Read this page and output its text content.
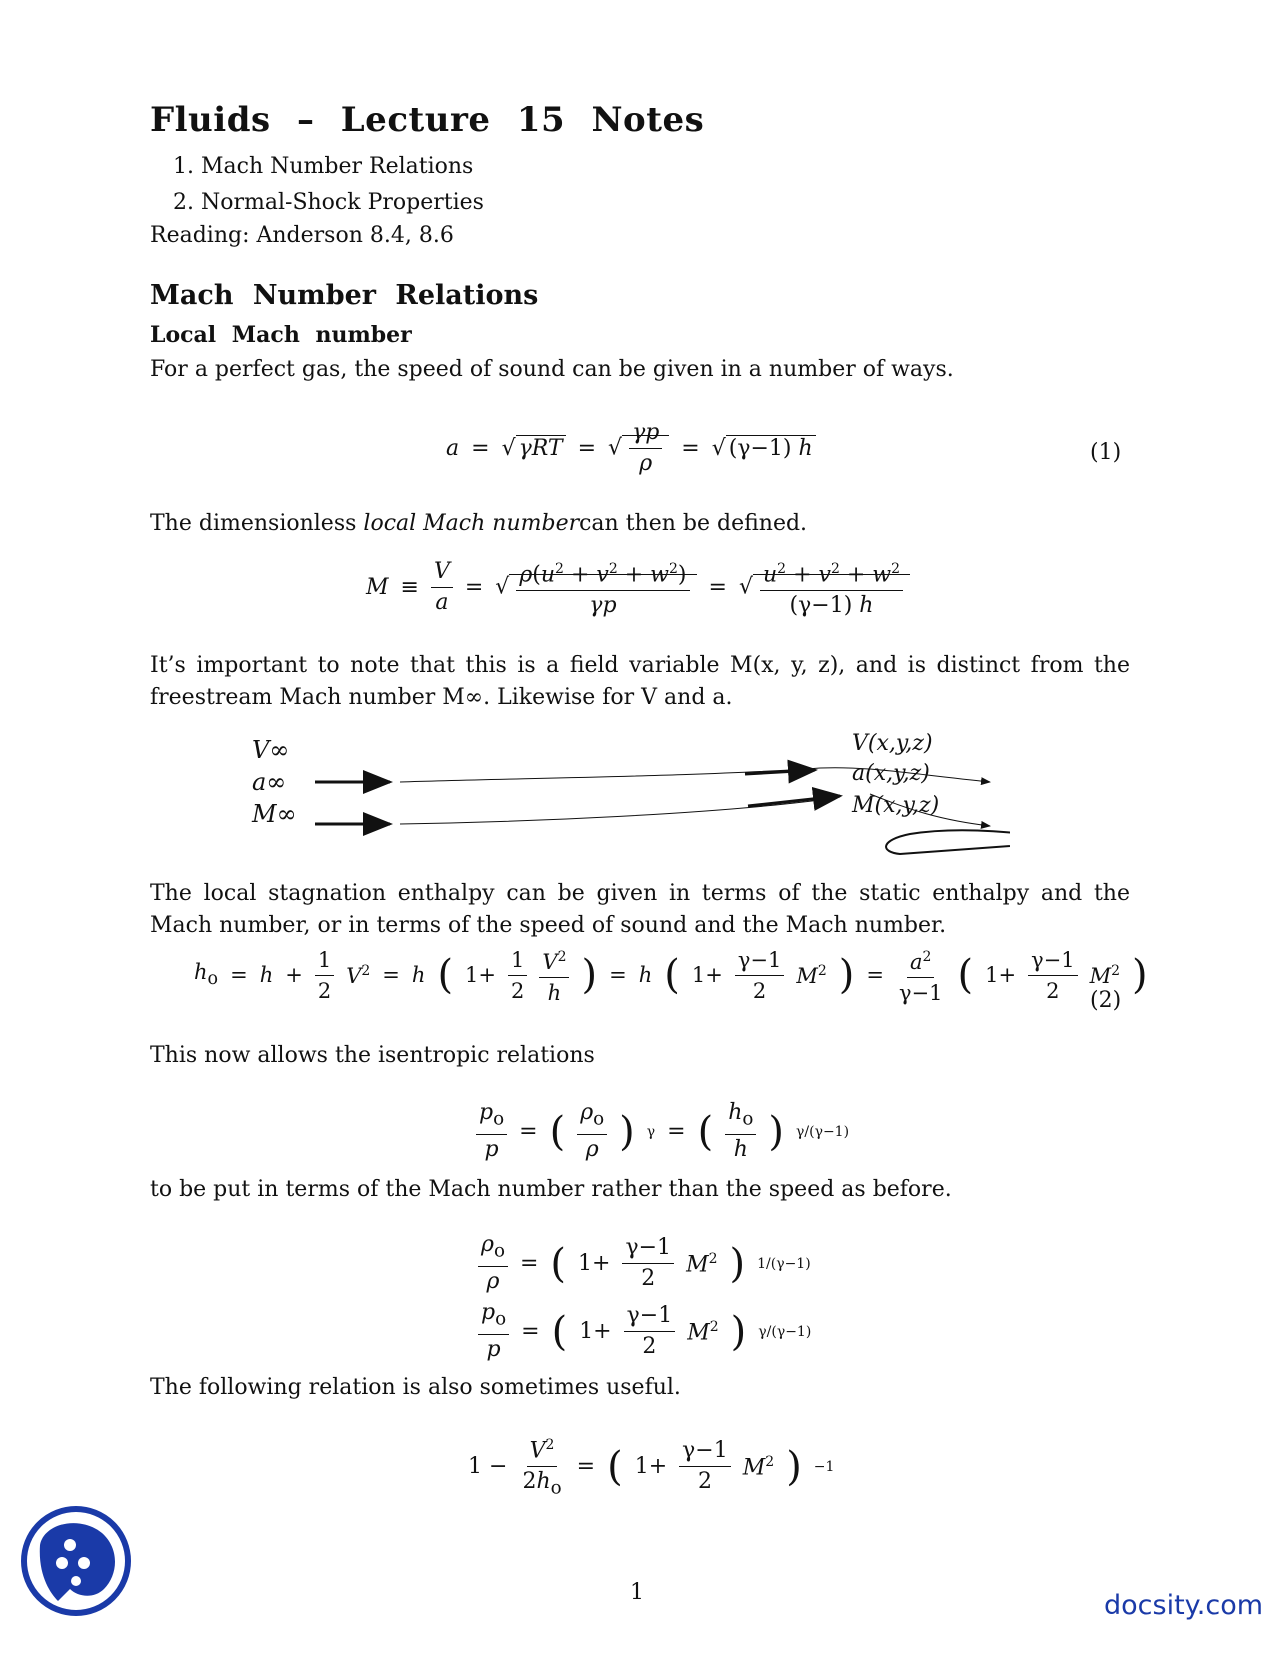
Fluids – Lecture 15 Notes
1. Mach Number Relations
2. Normal-Shock Properties
Reading: Anderson 8.4, 8.6
Mach Number Relations
Local Mach number
For a perfect gas, the speed of sound can be given in a number of ways.
a = √ γRT = √ $\frac{\gamma p}{\rho}$ = √ (γ−1) h	(1)
The dimensionless local Mach numbercan then be defined.
$M \equiv \frac{V}{a}$ = √ $\frac{\rho(u^2 + v^2 + w^2)}{\gamma p}$ = √ $\frac{u^2 + v^2 + w^2}{(\gamma-1) h}$
It’s important to note that this is a field variable M(x, y, z), and is distinct from the freestream Mach number M∞. Likewise for V and a.
V∞
a∞
M∞
V(x,y,z)
a(x,y,z)
M(x,y,z)
The local stagnation enthalpy can be given in terms of the static enthalpy and the Mach number, or in terms of the speed of sound and the Mach number.
$h_o = h + \frac{1}{2} V^2 = h$ ( $1+ \frac{1}{2} \frac{V^2}{h}$ ) = h ( $1+ \frac{\gamma-1}{2} M^2$ ) = $\frac{a^2}{\gamma-1}$ ( $1+ \frac{\gamma-1}{2} M^2$ )
(2)
This now allows the isentropic relations
$\frac{p_o}{p}$ = ( $\frac{\rho_o}{\rho}$ ) γ = ( $\frac{h_o}{h}$ ) γ/(γ−1)
to be put in terms of the Mach number rather than the speed as before.
$\frac{\rho_o}{\rho}$ = ( $1+ \frac{\gamma-1}{2} M^2$ ) 1/(γ−1)
$\frac{p_o}{p}$ = ( $1+ \frac{\gamma-1}{2} M^2$ ) γ/(γ−1)
The following relation is also sometimes useful.
$1 - \frac{V^2}{2h_o}$ = ( $1+ \frac{\gamma-1}{2} M^2$ ) −1
1	docsity.com
